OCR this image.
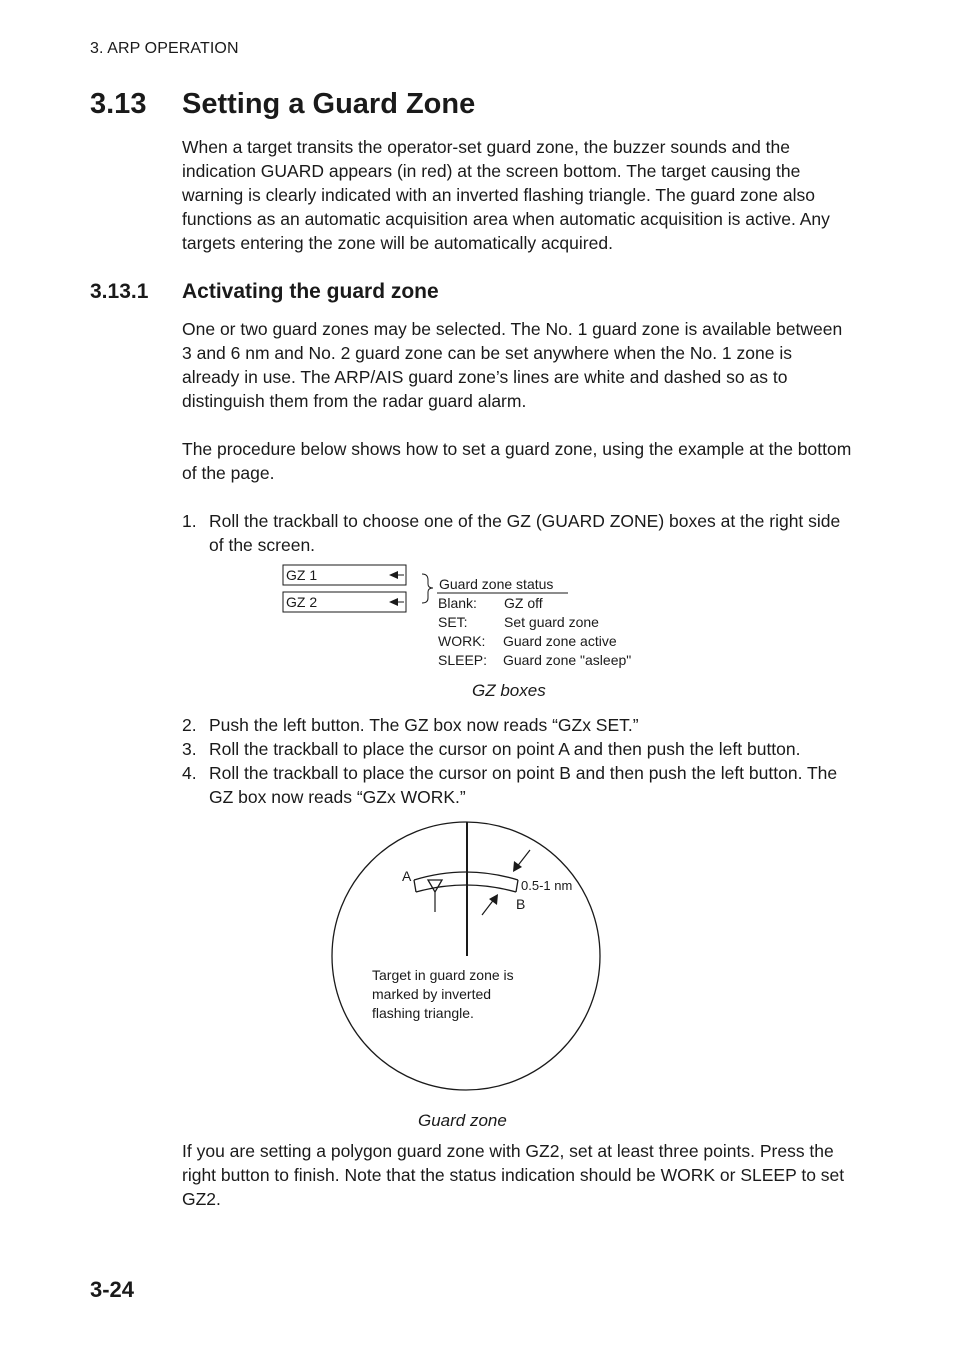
3. ARP OPERATION
3.13 Setting a Guard Zone
When a target transits the operator-set guard zone, the buzzer sounds and the indication GUARD appears (in red) at the screen bottom. The target causing the warning is clearly indicated with an inverted flashing triangle. The guard zone also functions as an automatic acquisition area when automatic acquisition is active. Any targets entering the zone will be automatically acquired.
3.13.1 Activating the guard zone
One or two guard zones may be selected. The No. 1 guard zone is available between 3 and 6 nm and No. 2 guard zone can be set anywhere when the No. 1 zone is already in use. The ARP/AIS guard zone’s lines are white and dashed so as to distinguish them from the radar guard alarm.
The procedure below shows how to set a guard zone, using the example at the bottom of the page.
1. Roll the trackball to choose one of the GZ (GUARD ZONE) boxes at the right side of the screen.
GZ 1
GZ 2
Guard zone status
Blank: GZ off
SET:	Set guard zone
WORK: Guard zone active
SLEEP: Guard zone "asleep"
GZ boxes
2. Push the left button. The GZ box now reads “GZx SET.”
3. Roll the trackball to place the cursor on point A and then push the left button.
4. Roll the trackball to place the cursor on point B and then push the left button. The GZ box now reads “GZx WORK.”
A
B
0.5-1 nm
Target in guard zone is
marked by inverted
flashing triangle.
Guard zone
If you are setting a polygon guard zone with GZ2, set at least three points. Press the right button to finish. Note that the status indication should be WORK or SLEEP to set GZ2.
3-24
